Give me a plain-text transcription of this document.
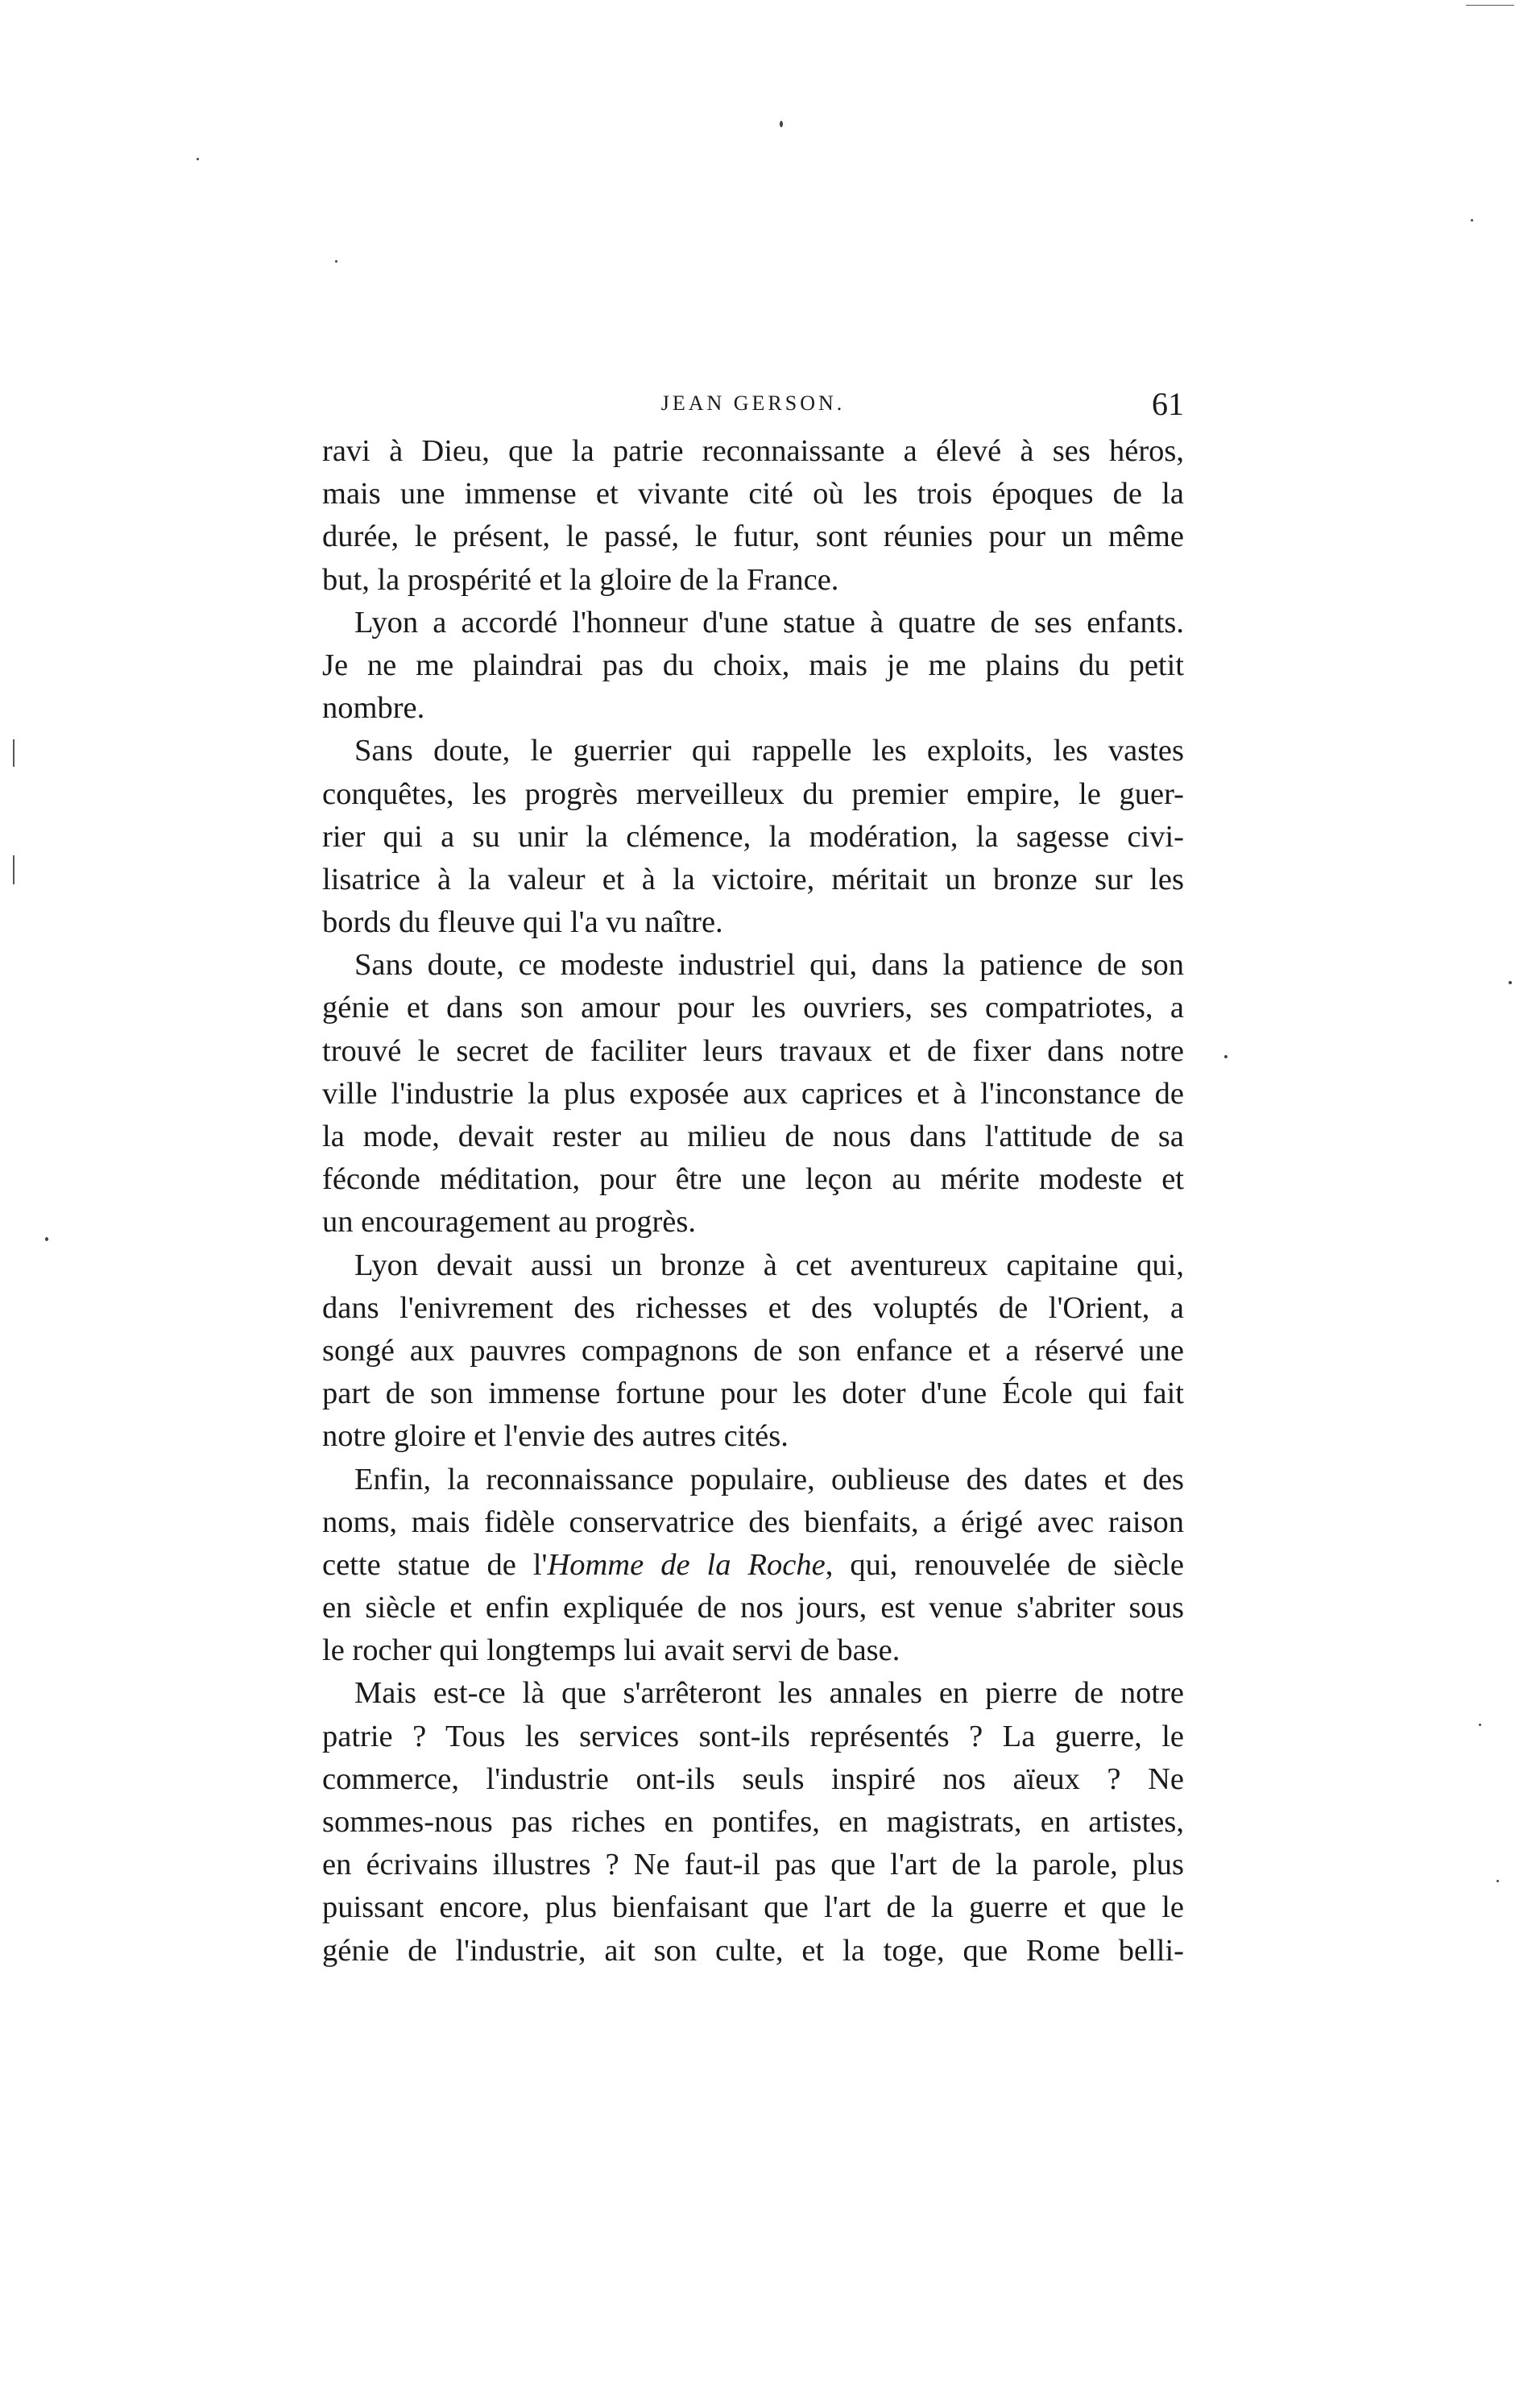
JEAN GERSON.	61
ravi à Dieu, que la patrie reconnaissante a élevé à ses héros,
mais une immense et vivante cité où les trois époques de la
durée, le présent, le passé, le futur, sont réunies pour un même
but, la prospérité et la gloire de la France.
Lyon a accordé l'honneur d'une statue à quatre de ses enfants.
Je ne me plaindrai pas du choix, mais je me plains du petit
nombre.
Sans doute, le guerrier qui rappelle les exploits, les vastes
conquêtes, les progrès merveilleux du premier empire, le guer-
rier qui a su unir la clémence, la modération, la sagesse civi-
lisatrice à la valeur et à la victoire, méritait un bronze sur les
bords du fleuve qui l'a vu naître.
Sans doute, ce modeste industriel qui, dans la patience de son
génie et dans son amour pour les ouvriers, ses compatriotes, a
trouvé le secret de faciliter leurs travaux et de fixer dans notre
ville l'industrie la plus exposée aux caprices et à l'inconstance de
la mode, devait rester au milieu de nous dans l'attitude de sa
féconde méditation, pour être une leçon au mérite modeste et
un encouragement au progrès.
Lyon devait aussi un bronze à cet aventureux capitaine qui,
dans l'enivrement des richesses et des voluptés de l'Orient, a
songé aux pauvres compagnons de son enfance et a réservé une
part de son immense fortune pour les doter d'une École qui fait
notre gloire et l'envie des autres cités.
Enfin, la reconnaissance populaire, oublieuse des dates et des
noms, mais fidèle conservatrice des bienfaits, a érigé avec raison
cette statue de l'Homme de la Roche, qui, renouvelée de siècle
en siècle et enfin expliquée de nos jours, est venue s'abriter sous
le rocher qui longtemps lui avait servi de base.
Mais est-ce là que s'arrêteront les annales en pierre de notre
patrie ? Tous les services sont-ils représentés ? La guerre, le
commerce, l'industrie ont-ils seuls inspiré nos aïeux ? Ne
sommes-nous pas riches en pontifes, en magistrats, en artistes,
en écrivains illustres ? Ne faut-il pas que l'art de la parole, plus
puissant encore, plus bienfaisant que l'art de la guerre et que le
génie de l'industrie, ait son culte, et la toge, que Rome belli-
